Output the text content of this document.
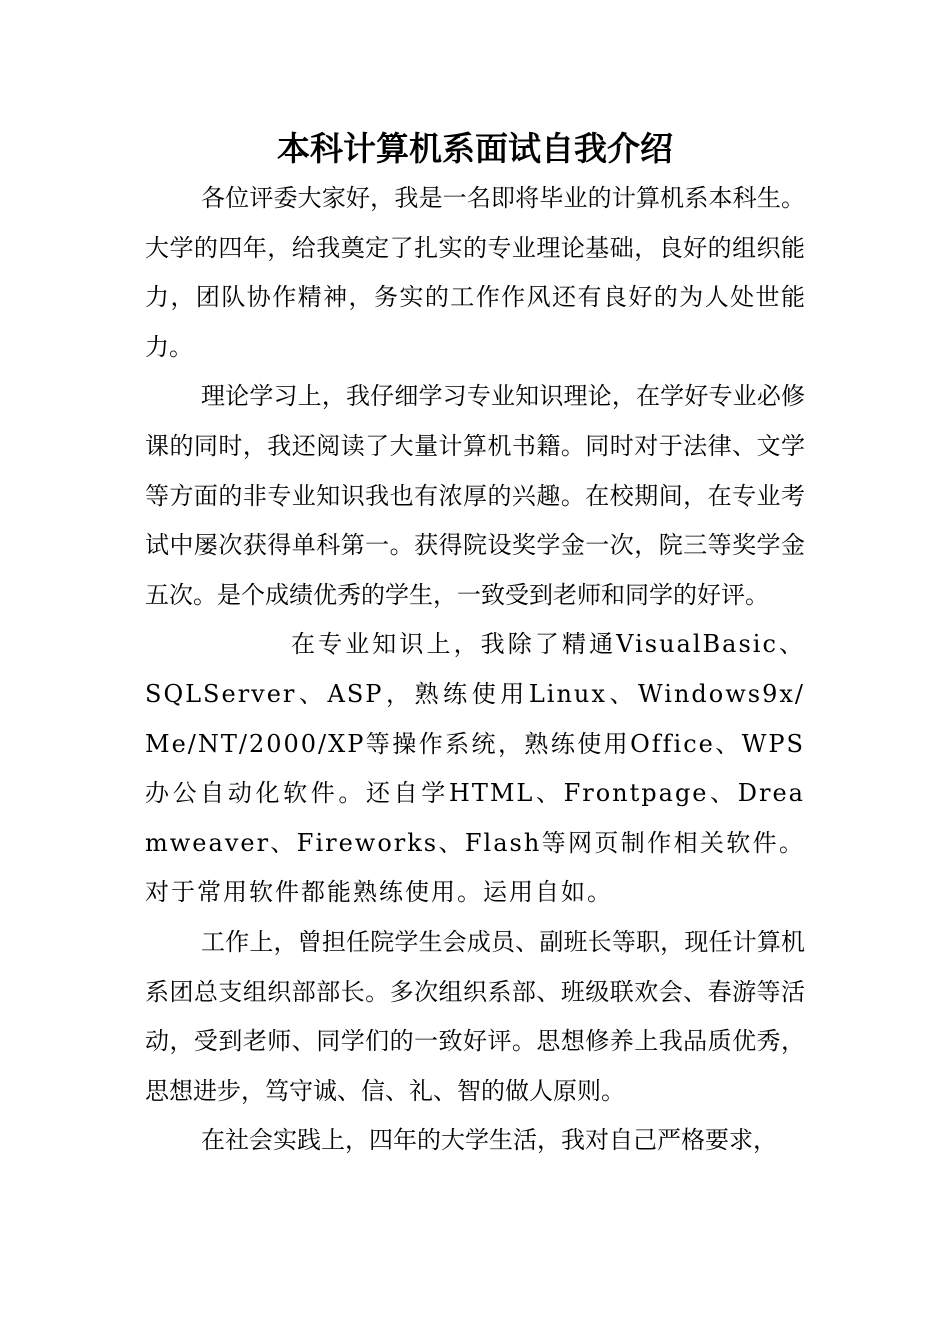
本科计算机系面试自我介绍

各位评委大家好，我是一名即将毕业的计算机系本科生。大学的四年，给我奠定了扎实的专业理论基础，良好的组织能力，团队协作精神，务实的工作作风还有良好的为人处世能力。

理论学习上，我仔细学习专业知识理论，在学好专业必修课的同时，我还阅读了大量计算机书籍。同时对于法律、文学等方面的非专业知识我也有浓厚的兴趣。在校期间，在专业考试中屡次获得单科第一。获得院设奖学金一次，院三等奖学金五次。是个成绩优秀的学生，一致受到老师和同学的好评。

在专业知识上，我除了精通VisualBasic、SQLServer、ASP，熟练使用Linux、Windows9x/Me/NT/2000/XP等操作系统，熟练使用Office、WPS办公自动化软件。还自学HTML、Frontpage、Dreamweaver、Fireworks、Flash等网页制作相关软件。对于常用软件都能熟练使用。运用自如。

工作上，曾担任院学生会成员、副班长等职，现任计算机系团总支组织部部长。多次组织系部、班级联欢会、春游等活动，受到老师、同学们的一致好评。思想修养上我品质优秀，思想进步，笃守诚、信、礼、智的做人原则。

在社会实践上，四年的大学生活，我对自己严格要求，
